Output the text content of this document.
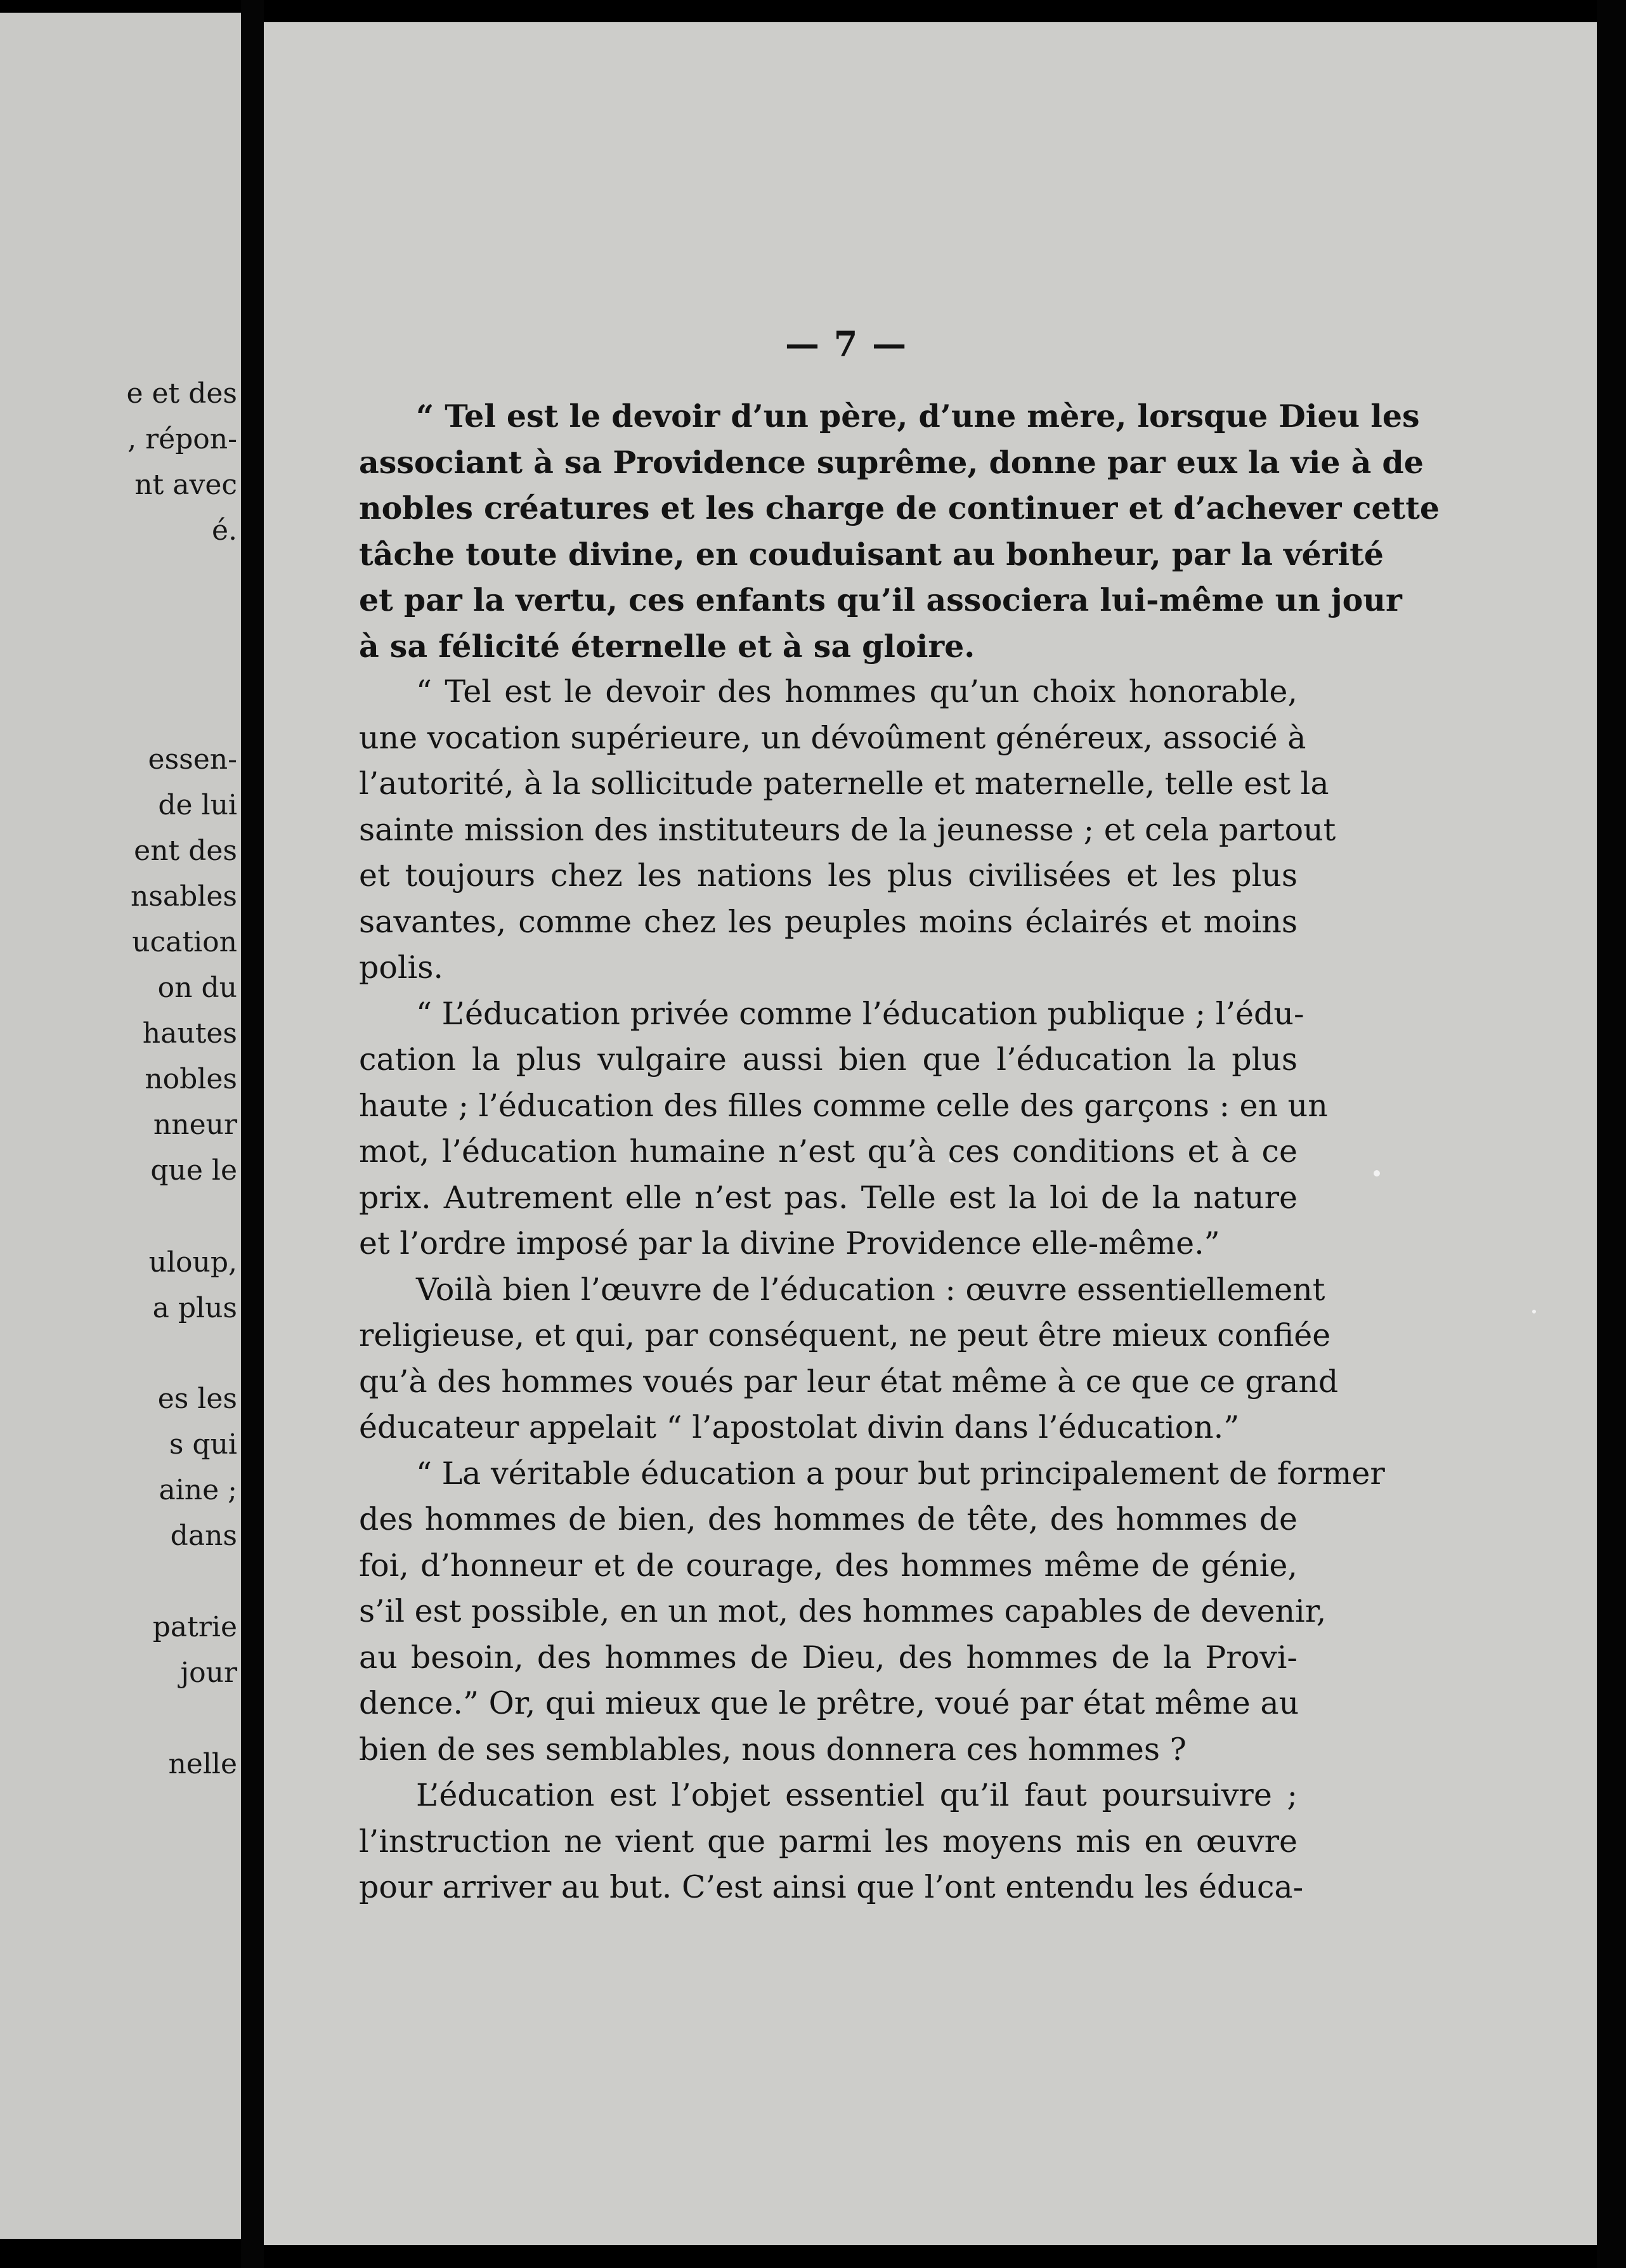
e et des
, répon-
nt avec
é.
essen-
de lui
ent des
nsables
ucation
on du
hautes
nobles
nneur
que le
uloup,
a plus
es les
s qui
aine ;
dans
patrie
jour
nelle
— 7 —
“ Tel est le devoir d’un père, d’une mère, lorsque Dieu les
associant à sa Providence suprême, donne par eux la vie à de
nobles créatures et les charge de continuer et d’achever cette
tâche toute divine, en couduisant au bonheur, par la vérité
et par la vertu, ces enfants qu’il associera lui-même un jour
à sa félicité éternelle et à sa gloire.
“ Tel est le devoir des hommes qu’un choix honorable,
une vocation supérieure, un dévoûment généreux, associé à
l’autorité, à la sollicitude paternelle et maternelle, telle est la
sainte mission des instituteurs de la jeunesse ; et cela partout
et toujours chez les nations les plus civilisées et les plus
savantes, comme chez les peuples moins éclairés et moins
polis.
“ L’éducation privée comme l’éducation publique ; l’édu-
cation la plus vulgaire aussi bien que l’éducation la plus
haute ; l’éducation des filles comme celle des garçons : en un
mot, l’éducation humaine n’est qu’à ces conditions et à ce
prix. Autrement elle n’est pas. Telle est la loi de la nature
et l’ordre imposé par la divine Providence elle-même.”
Voilà bien l’œuvre de l’éducation : œuvre essentiellement
religieuse, et qui, par conséquent, ne peut être mieux confiée
qu’à des hommes voués par leur état même à ce que ce grand
éducateur appelait “ l’apostolat divin dans l’éducation.”
“ La véritable éducation a pour but principalement de former
des hommes de bien, des hommes de tête, des hommes de
foi, d’honneur et de courage, des hommes même de génie,
s’il est possible, en un mot, des hommes capables de devenir,
au besoin, des hommes de Dieu, des hommes de la Provi-
dence.” Or, qui mieux que le prêtre, voué par état même au
bien de ses semblables, nous donnera ces hommes ?
L’éducation est l’objet essentiel qu’il faut poursuivre ;
l’instruction ne vient que parmi les moyens mis en œuvre
pour arriver au but. C’est ainsi que l’ont entendu les éduca-
